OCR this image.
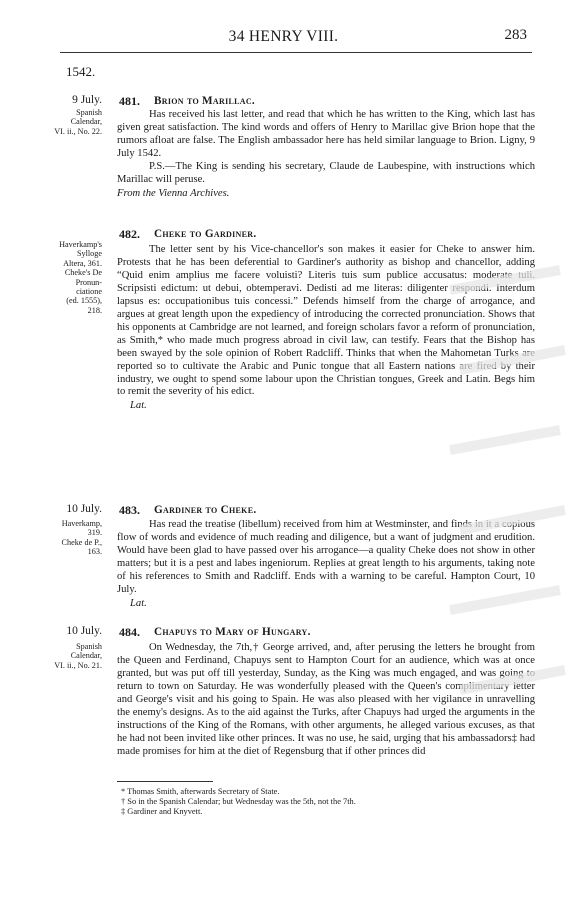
34 HENRY VIII.	283
1542.
9 July.
Spanish
Calendar,
VI. ii., No. 22.
481. Brion to Marillac.

Has received his last letter, and read that which he has written to the King, which last has given great satisfaction. The kind words and offers of Henry to Marillac give Brion hope that the rumors afloat are false. The English ambassador here has held similar language to Brion. Ligny, 9 July 1542.

P.S.—The King is sending his secretary, Claude de Laubespine, with instructions which Marillac will peruse.

From the Vienna Archives.
Haverkamp's
Sylloge
Altera, 361.
Cheke's De
Pronun-
ciatione
(ed. 1555),
218.
482. Cheke to Gardiner.

The letter sent by his Vice-chancellor's son makes it easier for Cheke to answer him. Protests that he has been deferential to Gardiner's authority as bishop and chancellor, adding “Quid enim amplius me facere voluisti? Literis tuis sum publice accusatus: moderate tuli. Scripsisti edictum: ut debui, obtemperavi. Dedisti ad me literas: diligenter respondi. Interdum lapsus es: occupationibus tuis concessi.” Defends himself from the charge of arrogance, and argues at great length upon the expediency of introducing the corrected pronunciation. Shows that his opponents at Cambridge are not learned, and foreign scholars favor a reform of pronunciation, as Smith,* who made much progress abroad in civil law, can testify. Fears that the Bishop has been swayed by the sole opinion of Robert Radcliff. Thinks that when the Mahometan Turks are reported so to cultivate the Arabic and Punic tongue that all Eastern nations are fired by their industry, we ought to spend some labour upon the Christian tongues, Greek and Latin. Begs him to remit the severity of his edict.

Lat.
10 July.
Haverkamp,
319.
Cheke de P.,
163.
483. Gardiner to Cheke.

Has read the treatise (libellum) received from him at Westminster, and finds in it a copious flow of words and evidence of much reading and diligence, but a want of judgment and erudition. Would have been glad to have passed over his arrogance—a quality Cheke does not show in other matters; but it is a pest and labes ingeniorum. Replies at great length to his arguments, taking note of his references to Smith and Radcliff. Ends with a warning to be careful. Hampton Court, 10 July.

Lat.
10 July.
Spanish
Calendar,
VI. ii., No. 21.
484. Chapuys to Mary of Hungary.

On Wednesday, the 7th,† George arrived, and, after perusing the letters he brought from the Queen and Ferdinand, Chapuys sent to Hampton Court for an audience, which was at once granted, but was put off till yesterday, Sunday, as the King was much engaged, and was going to return to town on Saturday. He was wonderfully pleased with the Queen's complimentary letter and George's visit and his going to Spain. He was also pleased with her vigilance in unravelling the enemy's designs. As to the aid against the Turks, after Chapuys had urged the arguments in the instructions of the King of the Romans, with other arguments, he alleged various excuses, as that he had not been invited like other princes. It was no use, he said, urging that his ambassadors‡ had made promises for him at the diet of Regensburg that if other princes did

* Thomas Smith, afterwards Secretary of State.
† So in the Spanish Calendar; but Wednesday was the 5th, not the 7th.
‡ Gardiner and Knyvett.
